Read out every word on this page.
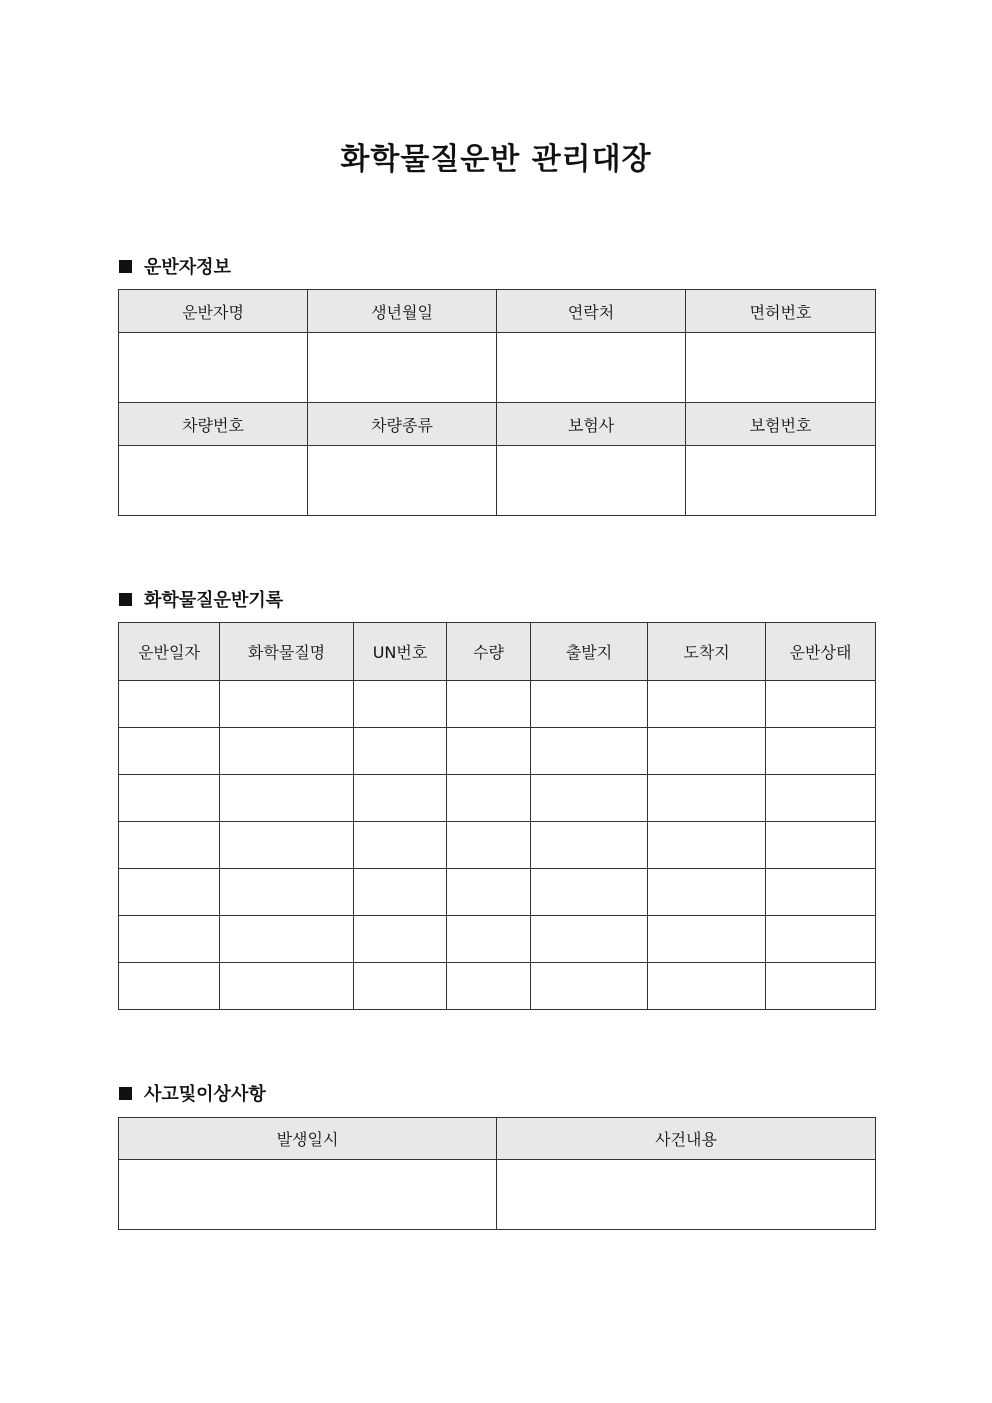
화학물질운반 관리대장
운반자정보
운반자명	생년월일	연락처	면허번호

차량번호	차량종류	보험사	보험번호

화학물질운반기록
운반일자	화학물질명	UN번호	수량	출발지	도착지	운반상태

사고및이상사항
발생일시	사건내용
